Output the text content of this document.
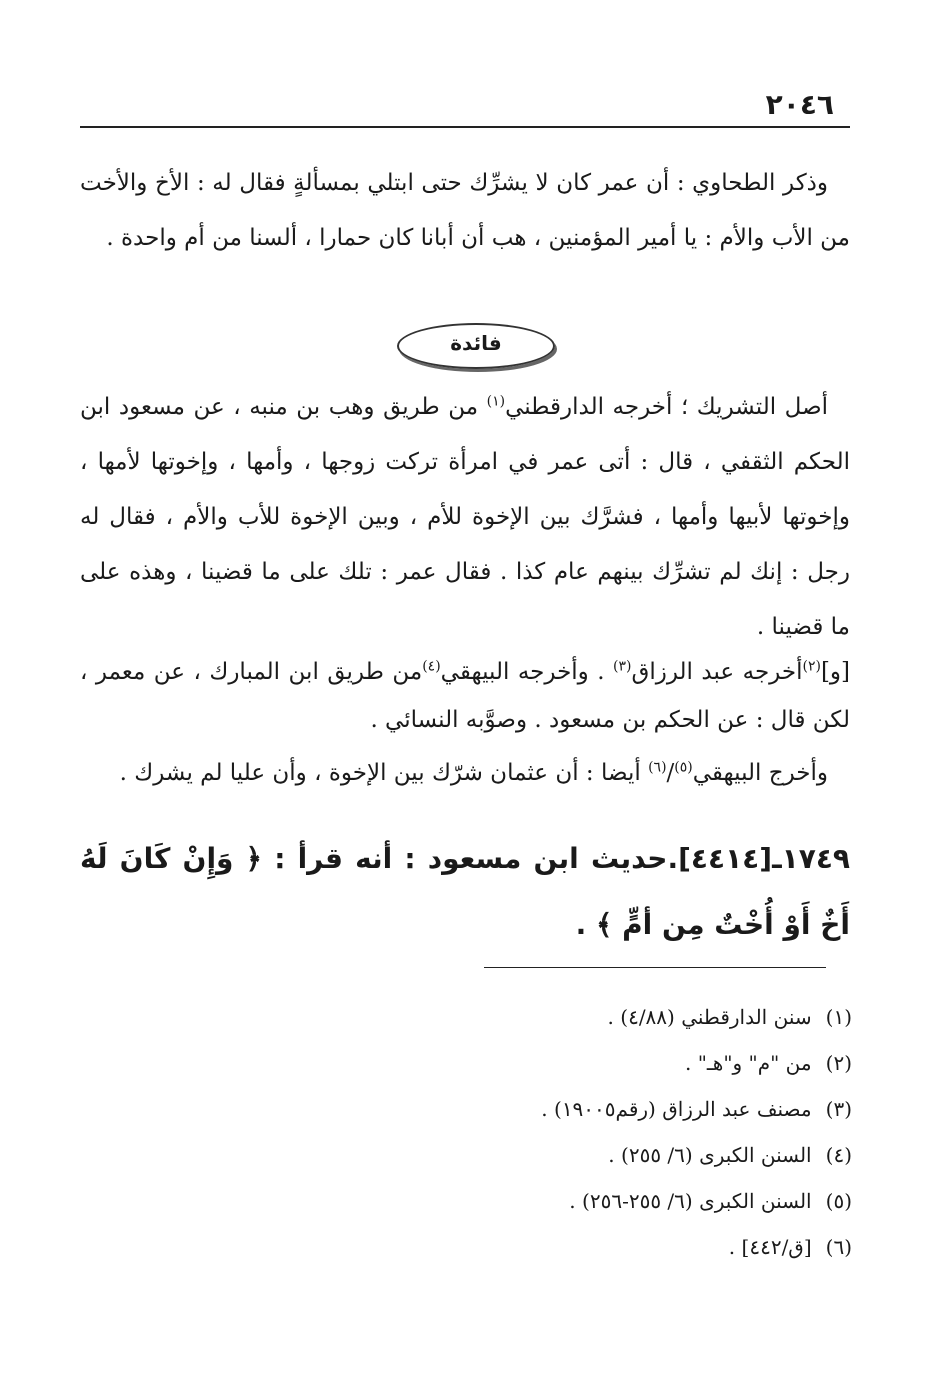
٢٠٤٦

وذكر الطحاوي : أن عمر كان لا يشرِّك حتى ابتلي بمسألةٍ فقال له : الأخ والأخت من الأب والأم : يا أمير المؤمنين ، هب أن أبانا كان حمارا ، ألسنا من أم واحدة .

فائدة

أصل التشريك ؛ أخرجه الدارقطني$^{(١)}$ من طريق وهب بن منبه ، عن مسعود ابن الحكم الثقفي ، قال : أتى عمر في امرأة تركت زوجها ، وأمها ، وإخوتها لأمها ، وإخوتها لأبيها وأمها ، فشرَّك بين الإخوة للأم ، وبين الإخوة للأب والأم ، فقال له رجل : إنك لم تشرِّك بينهم عام كذا . فقال عمر : تلك على ما قضينا ، وهذه على ما قضينا .

[و]$^{(٢)}$أخرجه عبد الرزاق$^{(٣)}$ . وأخرجه البيهقي$^{(٤)}$من طريق ابن المبارك ، عن معمر ، لكن قال : عن الحكم بن مسعود . وصوَّبه النسائي .

وأخرج البيهقي$^{(٥)}$/$^{(٦)}$ أيضا : أن عثمان شرّك بين الإخوة ، وأن عليا لم يشرك .

١٧٤٩ـ[٤٤١٤].حديث ابن مسعود : أنه قرأ : ﴿ وَإِنْ كَانَ لَهُ أَخٌ أَوْ أُخْتٌ مِن أمٍّ ﴾ .
(١)سنن الدارقطني (٤/٨٨) .
(٢)من "م" و"هـ" .
(٣)مصنف عبد الرزاق (رقم١٩٠٠٥) .
(٤)السنن الكبرى (٦/ ٢٥٥) .
(٥)السنن الكبرى (٦/ ٢٥٥-٢٥٦) .
(٦)[ق/٤٤٢] .
